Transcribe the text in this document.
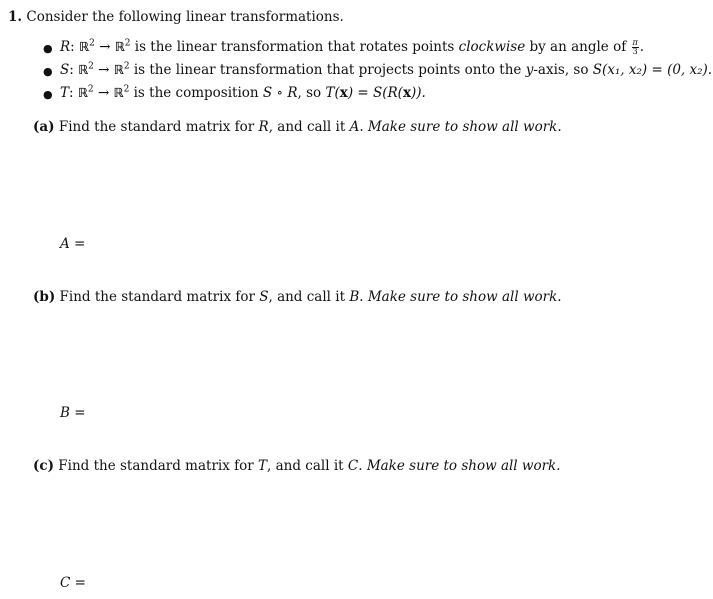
1. Consider the following linear transformations.
● R: ℝ$^2$ → ℝ$^2$ is the linear transformation that rotates points clockwise by an angle of $\frac{\pi}{3}$ .
● S: ℝ$^2$ → ℝ$^2$ is the linear transformation that projects points onto the y-axis, so S(x₁, x₂) = (0, x₂).
● T: ℝ$^2$ → ℝ$^2$ is the composition S ∘ R, so T(x) = S(R(x)).
(a) Find the standard matrix for R, and call it A. Make sure to show all work.
A =
(b) Find the standard matrix for S, and call it B. Make sure to show all work.
B =
(c) Find the standard matrix for T, and call it C. Make sure to show all work.
C =
